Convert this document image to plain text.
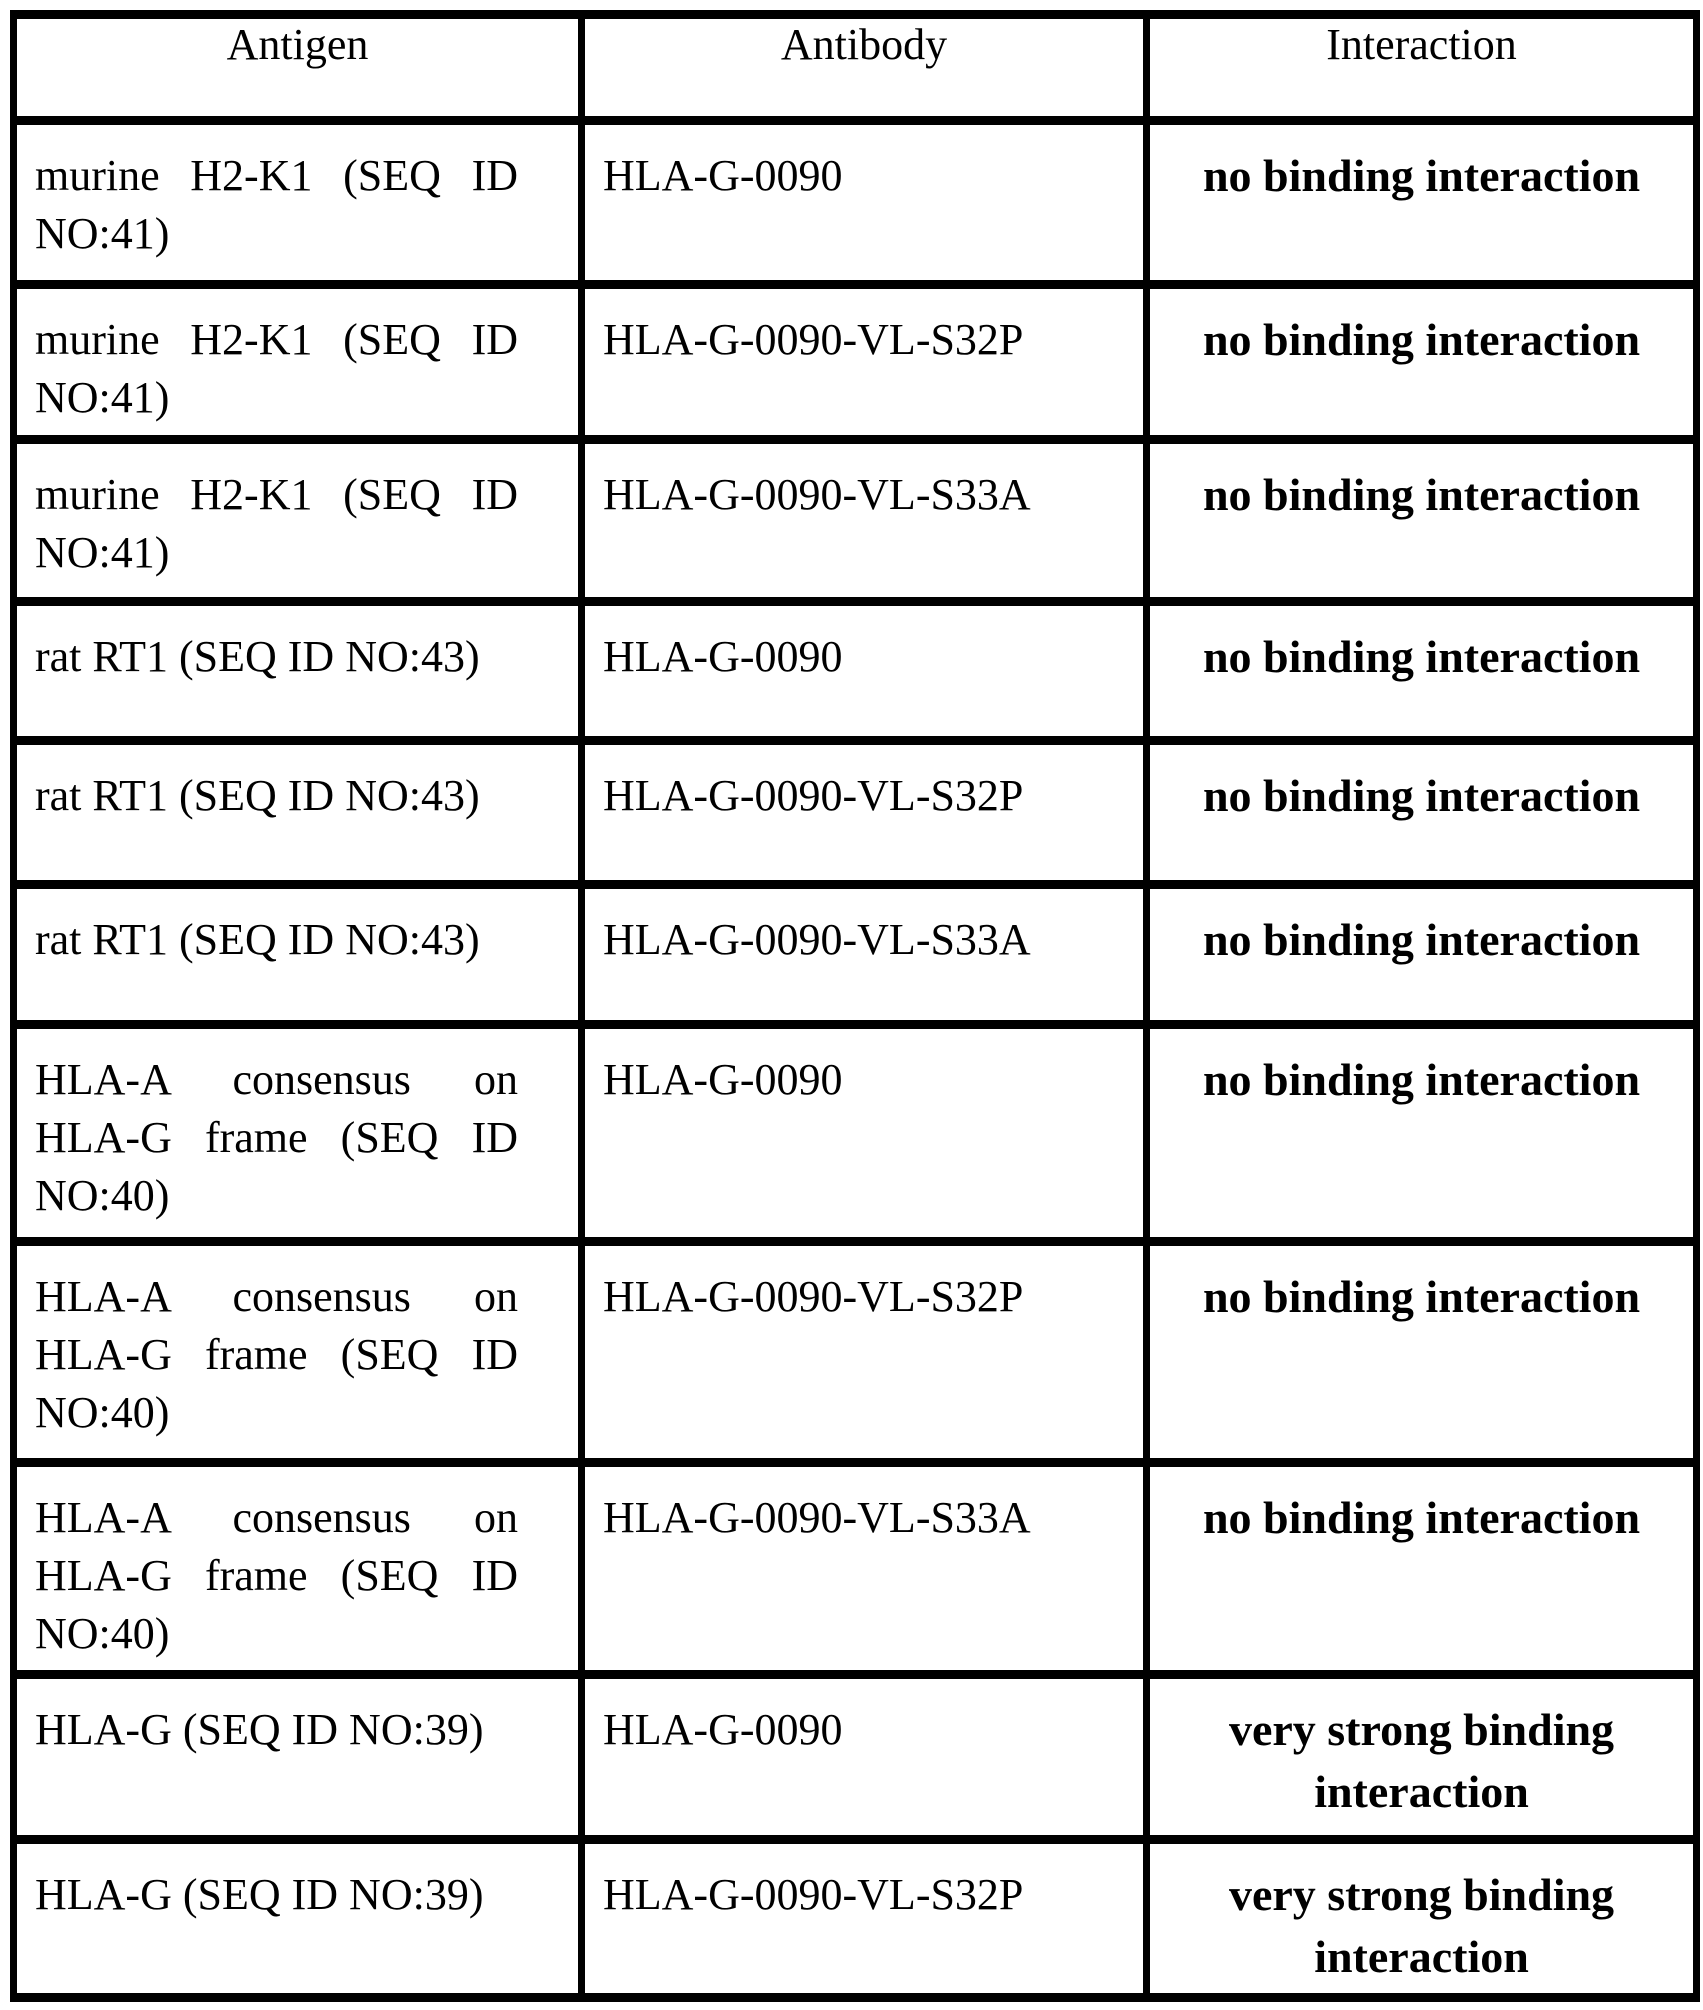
Antigen	Antibody	Interaction
murine H2-K1 (SEQ ID NO:41)	HLA-G-0090	no binding interaction

murine H2-K1 (SEQ ID NO:41)	HLA-G-0090-VL-S32P	no binding interaction

murine H2-K1 (SEQ ID NO:41)	HLA-G-0090-VL-S33A	no binding interaction

rat RT1 (SEQ ID NO:43)	HLA-G-0090	no binding interaction

rat RT1 (SEQ ID NO:43)	HLA-G-0090-VL-S32P	no binding interaction

rat RT1 (SEQ ID NO:43)	HLA-G-0090-VL-S33A	no binding interaction

HLA-A consensus on HLA-G frame (SEQ ID NO:40)	HLA-G-0090	no binding interaction

HLA-A consensus on HLA-G frame (SEQ ID NO:40)	HLA-G-0090-VL-S32P	no binding interaction

HLA-A consensus on HLA-G frame (SEQ ID NO:40)	HLA-G-0090-VL-S33A	no binding interaction

HLA-G (SEQ ID NO:39)	HLA-G-0090	very strong binding interaction

HLA-G (SEQ ID NO:39)	HLA-G-0090-VL-S32P	very strong binding interaction
